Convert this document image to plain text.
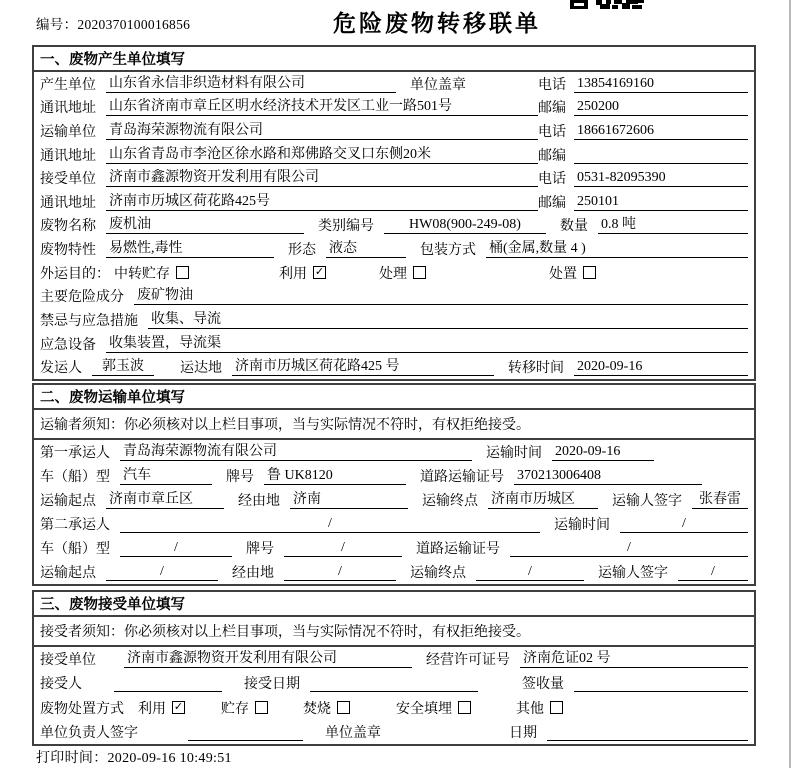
编号：2020370100016856	危险废物转移联单
一、废物产生单位填写
产生单位 山东省永信非织造材料有限公司	单位盖章	电话 13854169160
通讯地址 山东省济南市章丘区明水经济技术开发区工业一路501号	邮编 250200
运输单位 青岛海荣源物流有限公司	电话 18661672606
通讯地址 山东省青岛市李沧区徐水路和郑佛路交叉口东侧20米	邮编
接受单位 济南市鑫源物资开发利用有限公司	电话 0531-82095390
通讯地址 济南市历城区荷花路425号	邮编 250101
废物名称 废机油	类别编号	HW08(900-249-08)	数量 0.8 吨
废物特性 易燃性,毒性	形态 液态	包装方式 桶(金属,数量 4 )
外运目的： 中转贮存	利用 ✓	处理	处置
主要危险成分 废矿物油
禁忌与应急措施 收集、导流
应急设备 收集装置，导流渠
发运人	郭玉波	运达地 济南市历城区荷花路425 号	转移时间 2020-09-16
二、废物运输单位填写
运输者须知：你必须核对以上栏目事项，当与实际情况不符时，有权拒绝接受。
第一承运人 青岛海荣源物流有限公司	运输时间 2020-09-16
车（船）型 汽车	牌号 鲁 UK8120	道路运输证号 370213006408
运输起点 济南市章丘区	经由地 济南	运输终点 济南市历城区	运输人签字	张春雷
第二承运人	/	运输时间	/
车（船）型	/	牌号	/	道路运输证号	/
运输起点	/	经由地	/	运输终点	/	运输人签字	/
三、废物接受单位填写
接受者须知：你必须核对以上栏目事项，当与实际情况不符时，有权拒绝接受。
接受单位 济南市鑫源物资开发利用有限公司	经营许可证号 济南危证02 号
接受人	接受日期	签收量
废物处置方式 利用 ✓	贮存	焚烧	安全填埋	其他
单位负责人签字	单位盖章	日期
打印时间：2020-09-16 10:49:51
